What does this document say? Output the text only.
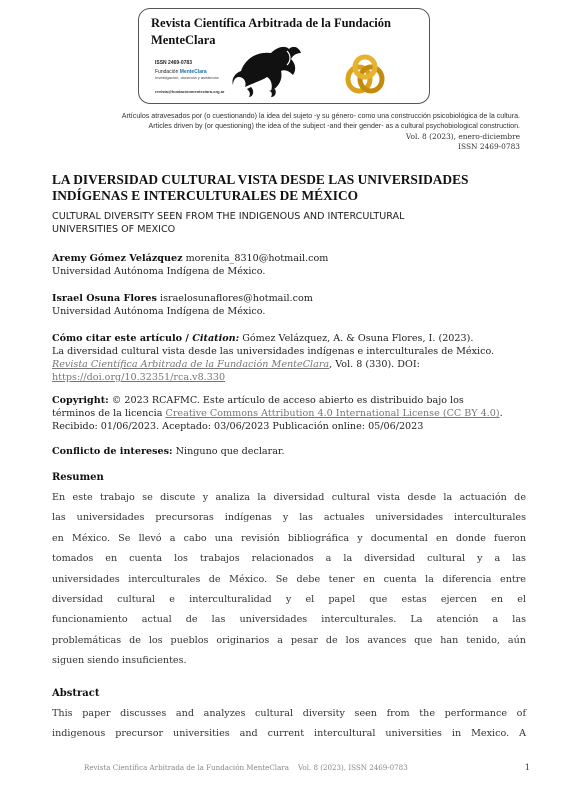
Revista Científica Arbitrada de la Fundación
MenteClara
ISSN 2469-0783
Fundación MenteClara
Investigación, docencia y asistencia
revista@fundacionmenteclara.org.ar
Artículos atravesados por (o cuestionando) la idea del sujeto -y su género- como una construcción psicobiológica de la cultura.
Articles driven by (or questioning) the idea of the subject -and their gender- as a cultural psychobiological construction.
Vol. 8 (2023), enero-diciembre
ISSN 2469-0783
LA DIVERSIDAD CULTURAL VISTA DESDE LAS UNIVERSIDADES
INDÍGENAS E INTERCULTURALES DE MÉXICO
CULTURAL DIVERSITY SEEN FROM THE INDIGENOUS AND INTERCULTURAL
UNIVERSITIES OF MEXICO
Aremy Gómez Velázquez morenita_8310@hotmail.com
Universidad Autónoma Indígena de México.
Israel Osuna Flores israelosunaflores@hotmail.com
Universidad Autónoma Indígena de México.
Cómo citar este artículo / Citation: Gómez Velázquez, A. & Osuna Flores, I. (2023).
La diversidad cultural vista desde las universidades indígenas e interculturales de México.
Revista Científica Arbitrada de la Fundación MenteClara, Vol. 8 (330). DOI:
https://doi.org/10.32351/rca.v8.330
Copyright: © 2023 RCAFMC. Este artículo de acceso abierto es distribuido bajo los
términos de la licencia Creative Commons Attribution 4.0 International License (CC BY 4.0).
Recibido: 01/06/2023. Aceptado: 03/06/2023 Publicación online: 05/06/2023
Conflicto de intereses: Ninguno que declarar.
Resumen
En este trabajo se discute y analiza la diversidad cultural vista desde la actuación de
las universidades precursoras indígenas y las actuales universidades interculturales
en México. Se llevó a cabo una revisión bibliográfica y documental en donde fueron
tomados en cuenta los trabajos relacionados a la diversidad cultural y a las
universidades interculturales de México. Se debe tener en cuenta la diferencia entre
diversidad cultural e interculturalidad y el papel que estas ejercen en el
funcionamiento actual de las universidades interculturales. La atención a las
problemáticas de los pueblos originarios a pesar de los avances que han tenido, aún
siguen siendo insuficientes.
Abstract
This paper discusses and analyzes cultural diversity seen from the performance of
indigenous precursor universities and current intercultural universities in Mexico. A
Revista Científica Arbitrada de la Fundación MenteClara Vol. 8 (2023), ISSN 2469-0783	1
